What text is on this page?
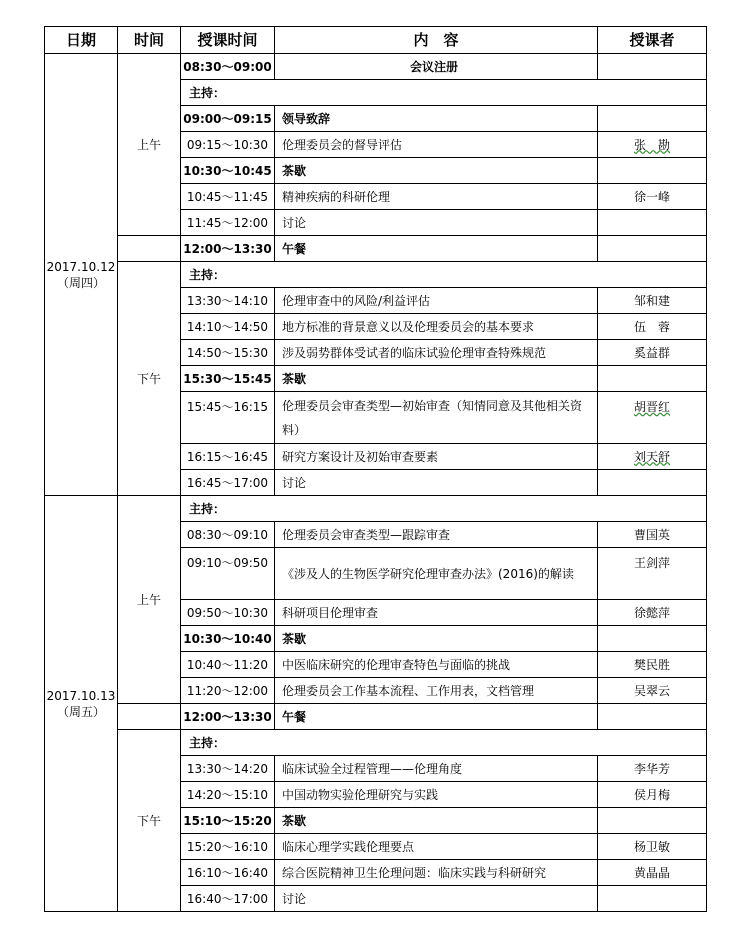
日期	时间	授课时间	内　容	授课者

2017.10.12
（周四）	上午	08:30～09:00	会议注册	
		主持：		
		09:00～09:15	领导致辞	
		09:15～10:30	伦理委员会的督导评估	张　勘
		10:30～10:45	茶歇	
		10:45～11:45	精神疾病的科研伦理	徐一峰
		11:45～12:00	讨论	
		12:00～13:30	午餐	
	下午	主持：		
		13:30～14:10	伦理审查中的风险/利益评估	邹和建
		14:10～14:50	地方标准的背景意义以及伦理委员会的基本要求	伍　蓉
		14:50～15:30	涉及弱势群体受试者的临床试验伦理审查特殊规范	奚益群
		15:30～15:45	茶歇	
		15:45～16:15	伦理委员会审查类型—初始审查（知情同意及其他相关资料）	胡晋红
		16:15～16:45	研究方案设计及初始审查要素	刘天舒
		16:45～17:00	讨论	

2017.10.13
（周五）	上午	主持：		
		08:30～09:10	伦理委员会审查类型—跟踪审查	曹国英
		09:10～09:50	《涉及人的生物医学研究伦理审查办法》(2016)的解读	王剑萍
		09:50～10:30	科研项目伦理审查	徐懿萍
		10:30～10:40	茶歇	
		10:40～11:20	中医临床研究的伦理审查特色与面临的挑战	樊民胜
		11:20～12:00	伦理委员会工作基本流程、工作用表，文档管理	吴翠云
		12:00～13:30	午餐	
	下午	主持：		
		13:30～14:20	临床试验全过程管理——伦理角度	李华芳
		14:20～15:10	中国动物实验伦理研究与实践	侯月梅
		15:10～15:20	茶歇	
		15:20～16:10	临床心理学实践伦理要点	杨卫敏
		16:10～16:40	综合医院精神卫生伦理问题：临床实践与科研研究	黄晶晶
		16:40～17:00	讨论	
